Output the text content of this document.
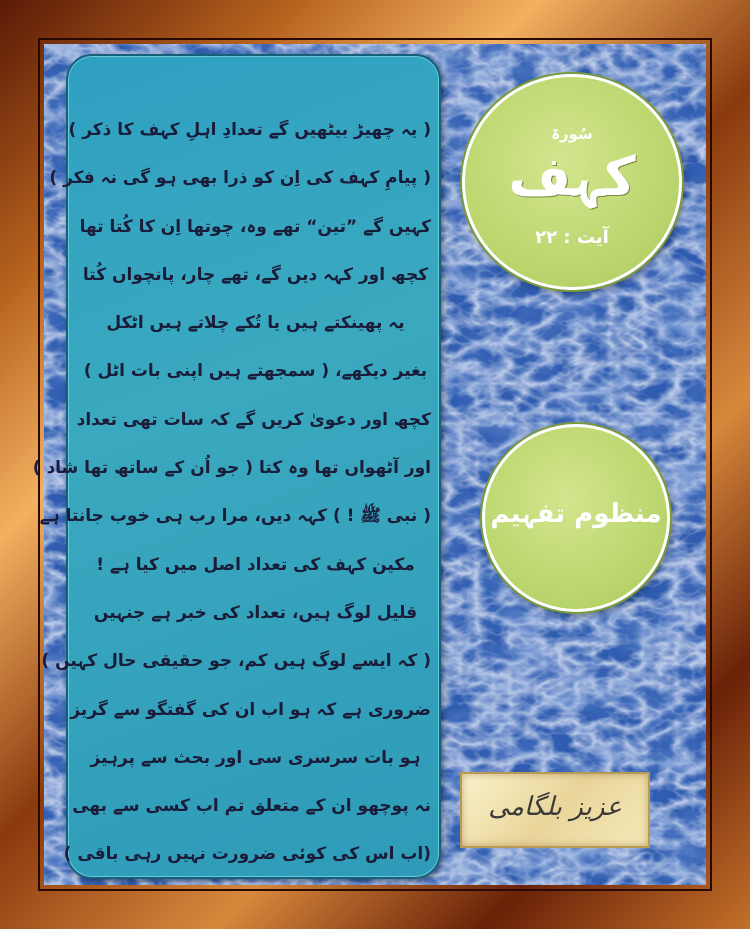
( یہ چھیڑ بیٹھیں گے تعدادِ اہلِ کہف کا ذکر )
( پیامِ کہف کی اِن کو ذرا بھی ہو گی نہ فکر )
کہیں گے ”تین“ تھے وہ، چوتھا اِن کا کُتا تھا
کچھ اور کہہ دیں گے، تھے چار، پانچواں کُتا
یہ پھینکتے ہیں یا تُکے چلاتے ہیں اٹکل
بغیر دیکھے، ( سمجھتے ہیں اپنی بات اٹل )
کچھ اور دعویٰ کریں گے کہ سات تھی تعداد
اور آٹھواں تھا وہ کتا ( جو اُن کے ساتھ تھا شاد )
( نبی ﷺ ! ) کہہ دیں، مرا رب ہی خوب جانتا ہے
مکین کہف کی تعداد اصل میں کیا ہے !
قلیل لوگ ہیں، تعداد کی خبر ہے جنہیں
( کہ ایسے لوگ ہیں کم، جو حقیقی حال کہیں )
ضروری ہے کہ ہو اب ان کی گفتگو سے گریز
ہو بات سرسری سی اور بحث سے پرہیز
نہ پوچھو ان کے متعلق تم اب کسی سے بھی
(اب اس کی کوئی ضرورت نہیں رہی باقی )
سُورۃ
کہف
آیت : ۲۲
منظوم تفہیم
عزیز بلگامی
